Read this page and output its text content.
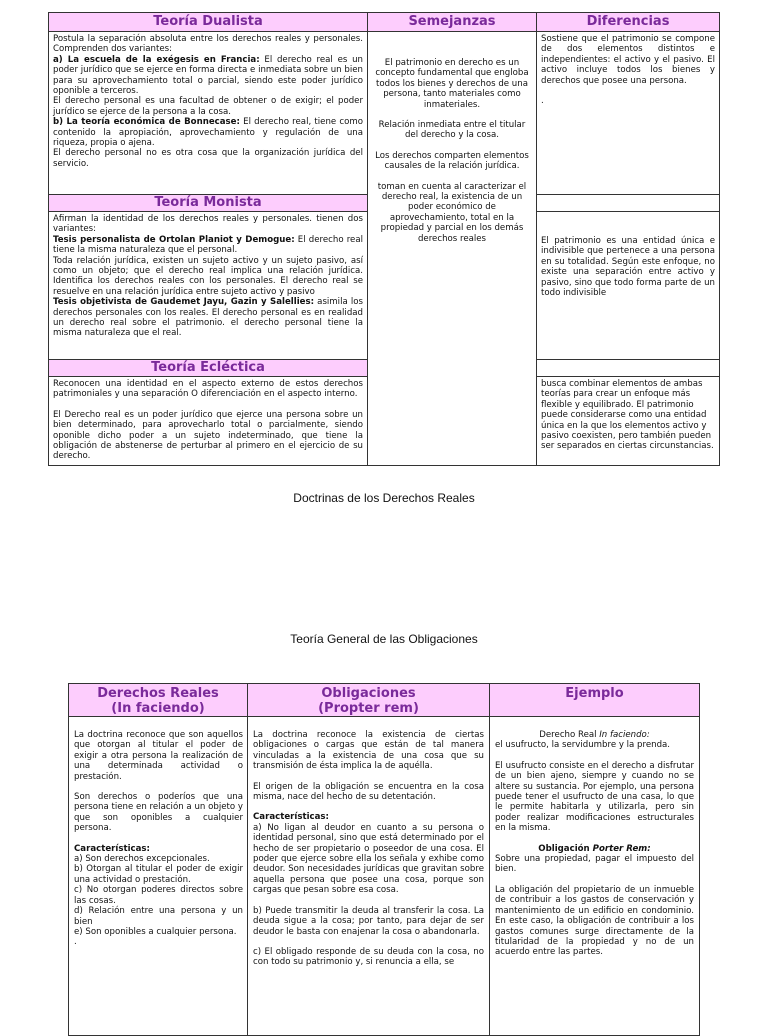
Teoría Dualista	Semejanzas	Diferencias

Postula la separación absoluta entre los derechos reales y personales. Comprenden dos variantes:

a) La escuela de la exégesis en Francia: El derecho real es un poder jurídico que se ejerce en forma directa e inmediata sobre un bien para su aprovechamiento total o parcial, siendo este poder jurídico oponible a terceros.

El derecho personal es una facultad de obtener o de exigir; el poder jurídico se ejerce de la persona a la cosa.

b) La teoría económica de Bonnecase: El derecho real, tiene como contenido la apropiación, aprovechamiento y regulación de una riqueza, propia o ajena.

El derecho personal no es otra cosa que la organización jurídica del servicio.

Teoría Monista

Afirman la identidad de los derechos reales y personales. tienen dos variantes:

Tesis personalista de Ortolan Planiot y Demogue: El derecho real tiene la misma naturaleza que el personal.

Toda relación jurídica, existen un sujeto activo y un sujeto pasivo, así como un objeto; que el derecho real implica una relación jurídica. Identifica los derechos reales con los personales. El derecho real se resuelve en una relación jurídica entre sujeto activo y pasivo

Tesis objetivista de Gaudemet Jayu, Gazin y Salellies: asimila los derechos personales con los reales. El derecho personal es en realidad un derecho real sobre el patrimonio. el derecho personal tiene la misma naturaleza que el real.

Teoría Ecléctica

Reconocen una identidad en el aspecto externo de estos derechos patrimoniales y una separación O diferenciación en el aspecto interno.

El Derecho real es un poder jurídico que ejerce una persona sobre un bien determinado, para aprovecharlo total o parcialmente, siendo oponible dicho poder a un sujeto indeterminado, que tiene la obligación de abstenerse de perturbar al primero en el ejercicio de su derecho.

El patrimonio en derecho es un concepto fundamental que engloba todos los bienes y derechos de una persona, tanto materiales como inmateriales.

Relación inmediata entre el titular del derecho y la cosa.

Los derechos comparten elementos causales de la relación jurídica.

toman en cuenta al caracterizar el derecho real, la existencia de un poder económico de aprovechamiento, total en la propiedad y parcial en los demás derechos reales

Sostiene que el patrimonio se compone de dos elementos distintos e independientes: el activo y el pasivo. El activo incluye todos los bienes y derechos que posee una persona.

.

El patrimonio es una entidad única e indivisible que pertenece a una persona en su totalidad. Según este enfoque, no existe una separación entre activo y pasivo, sino que todo forma parte de un todo indivisible

busca combinar elementos de ambas teorías para crear un enfoque más flexible y equilibrado. El patrimonio puede considerarse como una entidad única en la que los elementos activo y pasivo coexisten, pero también pueden ser separados en ciertas circunstancias.

Doctrinas de los Derechos Reales
Teoría General de las Obligaciones
Derechos Reales
(In faciendo)
Obligaciones
(Propter rem)
Ejemplo

La doctrina reconoce que son aquellos que otorgan al titular el poder de exigir a otra persona la realización de una determinada actividad o prestación.

Son derechos o poderíos que una persona tiene en relación a un objeto y que son oponibles a cualquier persona.

Características:

a) Son derechos excepcionales.

b) Otorgan al titular el poder de exigir una actividad o prestación.

c) No otorgan poderes directos sobre las cosas.

d) Relación entre una persona y un bien

e) Son oponibles a cualquier persona.

.

La doctrina reconoce la existencia de ciertas obligaciones o cargas que están de tal manera vinculadas a la existencia de una cosa que su transmisión de ésta implica la de aquélla.

El origen de la obligación se encuentra en la cosa misma, nace del hecho de su detentación.

Características:

a) No ligan al deudor en cuanto a su persona o identidad personal, sino que está determinado por el hecho de ser propietario o poseedor de una cosa. El poder que ejerce sobre ella los señala y exhibe como deudor. Son necesidades jurídicas que gravitan sobre aquella persona que posee una cosa, porque son cargas que pesan sobre esa cosa.

b) Puede transmitir la deuda al transferir la cosa. La deuda sigue a la cosa; por tanto, para dejar de ser deudor le basta con enajenar la cosa o abandonarla.

c) El obligado responde de su deuda con la cosa, no con todo su patrimonio y, si renuncia a ella, se

Derecho Real In faciendo:

el usufructo, la servidumbre y la prenda.

El usufructo consiste en el derecho a disfrutar de un bien ajeno, siempre y cuando no se altere su sustancia. Por ejemplo, una persona puede tener el usufructo de una casa, lo que le permite habitarla y utilizarla, pero sin poder realizar modificaciones estructurales en la misma.

Obligación Porter Rem:

Sobre una propiedad, pagar el impuesto del bien.

La obligación del propietario de un inmueble de contribuir a los gastos de conservación y mantenimiento de un edificio en condominio. En este caso, la obligación de contribuir a los gastos comunes surge directamente de la titularidad de la propiedad y no de un acuerdo entre las partes.
